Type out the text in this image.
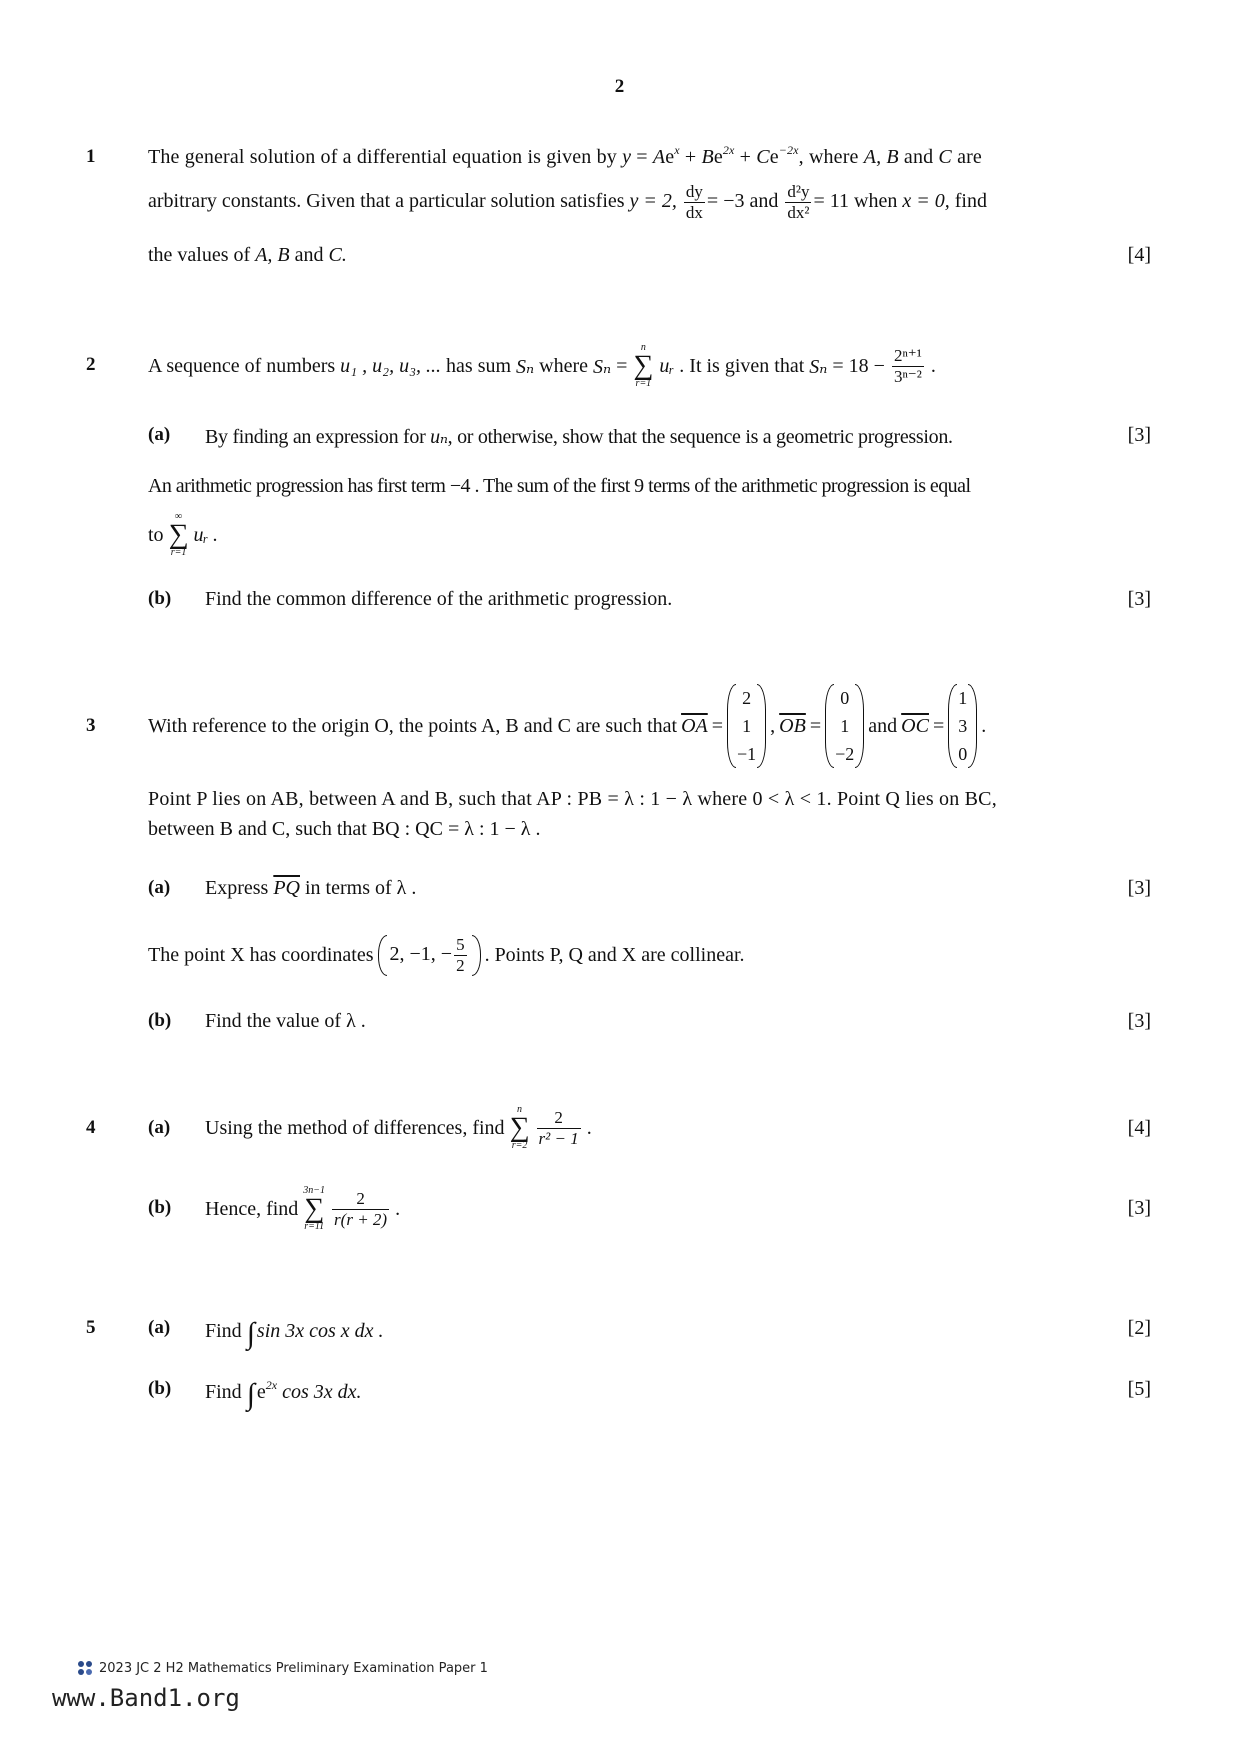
2
1	The general solution of a differential equation is given by $y = Ae^x + Be^{2x} + Ce^{-2x}$, where A, B and C are
arbitrary constants. Given that a particular solution satisfies y = 2, $\frac{dy}{dx} = -3$ and $\frac{\text{d²y}}{\text{dx²}} = 11$ when x = 0, find
the values of A, B and C.	[4]
2	A sequence of numbers u₁ , u₂, u₃, ... has sum Sₙ where Sₙ =
n
∑
r=1
uᵣ . It is given that $S_n = 18 - \frac{\text{2ⁿ⁺¹}}{\text{3ⁿ⁻²}}$ .
(a) By finding an expression for uₙ, or otherwise, show that the sequence is a geometric progression.	[3]
An arithmetic progression has first term −4 . The sum of the first 9 terms of the arithmetic progression is equal
to
∞
∑
r=1
uᵣ .
(b) Find the common difference of the arithmetic progression.	[3]
3	With reference to the origin O, the points A, B and C are such that $\overline{OA}$ =
2
1
−1
, $\overline{OB}$ =
0
1
−2
and $\overline{OC}$ =
1
3
0
.
Point P lies on AB, between A and B, such that AP : PB = λ : 1 − λ where 0 < λ < 1. Point Q lies on BC,
between B and C, such that BQ : QC = λ : 1 − λ .
(a) Express $\overline{PQ}$ in terms of λ .	[3]
The point X has coordinates 2, −1, − $\frac{5}{2}$ . Points P, Q and X are collinear.
(b) Find the value of λ .	[3]
4	(a) Using the method of differences, find
n
∑
$r=2 \frac{2}{\text{r² − 1}}$ .	[4]
(b) Hence, find
3n−1
∑
$r=11 \frac{2}{r(r + 2)}$ .	[3]
5	(a) Find ∫ sin 3x cos x dx .	[2]
(b) Find ∫ $e^{2x}$ cos 3x dx.	[5]
2023 JC 2 H2 Mathematics Preliminary Examination Paper 1
www.Band1.org
